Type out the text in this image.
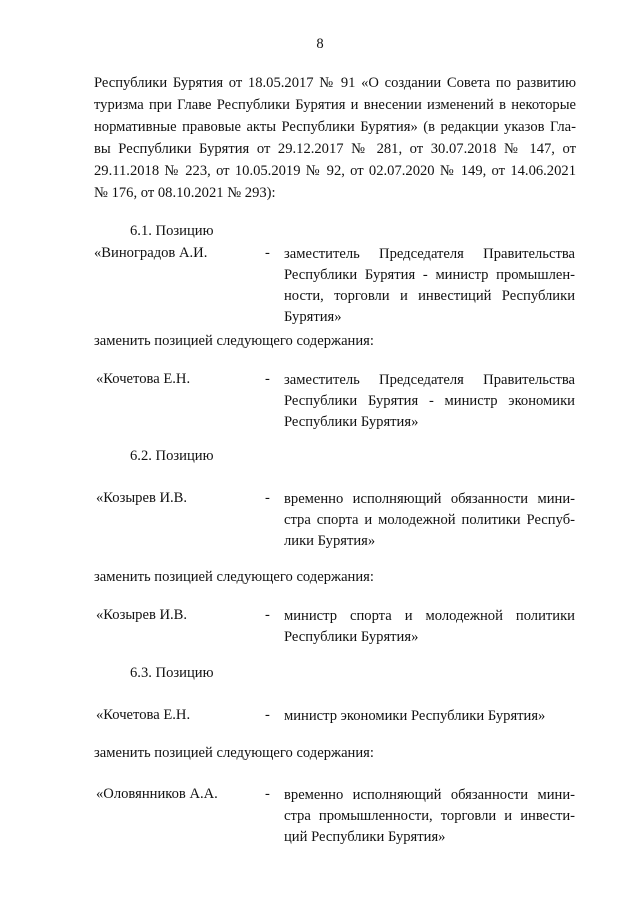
8
Республики Бурятия от 18.05.2017 № 91 «О создании Совета по развитию
туризма при Главе Республики Бурятия и внесении изменений в некоторые
нормативные правовые акты Республики Бурятия» (в редакции указов Гла-
вы Республики Бурятия от 29.12.2017 № 281, от 30.07.2018 № 147, от
29.11.2018 № 223, от 10.05.2019 № 92, от 02.07.2020 № 149, от 14.06.2021
№ 176, от 08.10.2021 № 293):
6.1. Позицию
«Виноградов А.И.	- заместитель Председателя Правительства
Республики Бурятия - министр промышлен-
ности, торговли и инвестиций Республики
Бурятия»
заменить позицией следующего содержания:
«Кочетова Е.Н.	- заместитель Председателя Правительства
Республики Бурятия - министр экономики
Республики Бурятия»
6.2. Позицию
«Козырев И.В.	- временно исполняющий обязанности мини-
стра спорта и молодежной политики Респуб-
лики Бурятия»
заменить позицией следующего содержания:
«Козырев И.В.	- министр спорта и молодежной политики
Республики Бурятия»
6.3. Позицию
«Кочетова Е.Н.	- министр экономики Республики Бурятия»
заменить позицией следующего содержания:
«Оловянников А.А.	- временно исполняющий обязанности мини-
стра промышленности, торговли и инвести-
ций Республики Бурятия»
